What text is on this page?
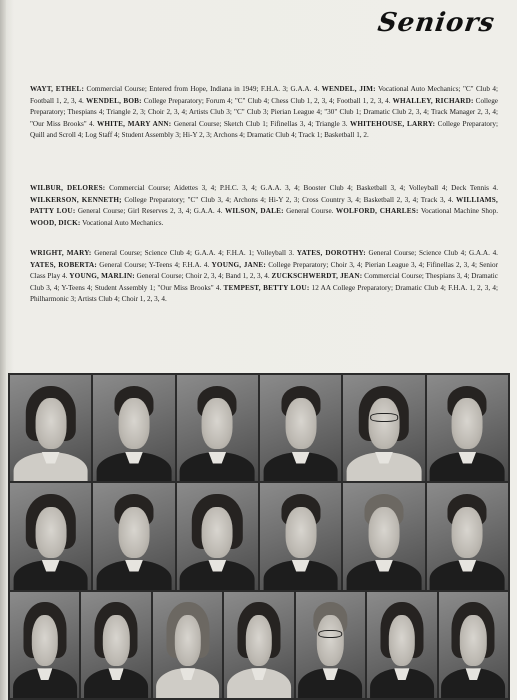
Seniors

WAYT, ETHEL: Commercial Course; Entered from Hope, Indiana in 1949; F.H.A. 3; G.A.A. 4. WENDEL, JIM: Vocational Auto Mechanics; "C" Club 4; Football 1, 2, 3, 4. WENDEL, BOB: College Preparatory; Forum 4; "C" Club 4; Chess Club 1, 2, 3, 4; Football 1, 2, 3, 4. WHALLEY, RICHARD: College Preparatory; Thespians 4; Triangle 2, 3; Choir 2, 3, 4; Artists Club 3; "C" Club 3; Pierian League 4; "30" Club 1; Dramatic Club 2, 3, 4; Track Manager 2, 3, 4; "Our Miss Brooks" 4. WHITE, MARY ANN: General Course; Sketch Club 1; Fifinellas 3, 4; Triangle 3. WHITEHOUSE, LARRY: College Preparatory; Quill and Scroll 4; Log Staff 4; Student Assembly 3; Hi-Y 2, 3; Archons 4; Dramatic Club 4; Track 1; Basketball 1, 2.

WILBUR, DELORES: Commercial Course; Aidettes 3, 4; P.H.C. 3, 4; G.A.A. 3, 4; Booster Club 4; Basketball 3, 4; Volleyball 4; Deck Tennis 4. WILKERSON, KENNETH; College Preparatory; "C" Club 3, 4; Archons 4; Hi-Y 2, 3; Cross Country 3, 4; Basketball 2, 3, 4; Track 3, 4. WILLIAMS, PATTY LOU: General Course; Girl Reserves 2, 3, 4; G.A.A. 4. WILSON, DALE: General Course. WOLFORD, CHARLES: Vocational Machine Shop. WOOD, DICK: Vocational Auto Mechanics.

WRIGHT, MARY: General Course; Science Club 4; G.A.A. 4; F.H.A. 1; Volleyball 3. YATES, DOROTHY: General Course; Science Club 4; G.A.A. 4. YATES, ROBERTA: General Course; Y-Teens 4; F.H.A. 4. YOUNG, JANE: College Preparatory; Choir 3, 4; Pierian League 3, 4; Fifinellas 2, 3, 4; Senior Class Play 4. YOUNG, MARLIN: General Course; Choir 2, 3, 4; Band 1, 2, 3, 4. ZUCKSCHWERDT, JEAN: Commercial Course; Thespians 3, 4; Dramatic Club 3, 4; Y-Teens 4; Student Assembly 1; "Our Miss Brooks" 4. TEMPEST, BETTY LOU: 12 AA College Preparatory; Dramatic Club 4; F.H.A. 1, 2, 3, 4; Philharmonic 3; Artists Club 4; Choir 1, 2, 3, 4.
